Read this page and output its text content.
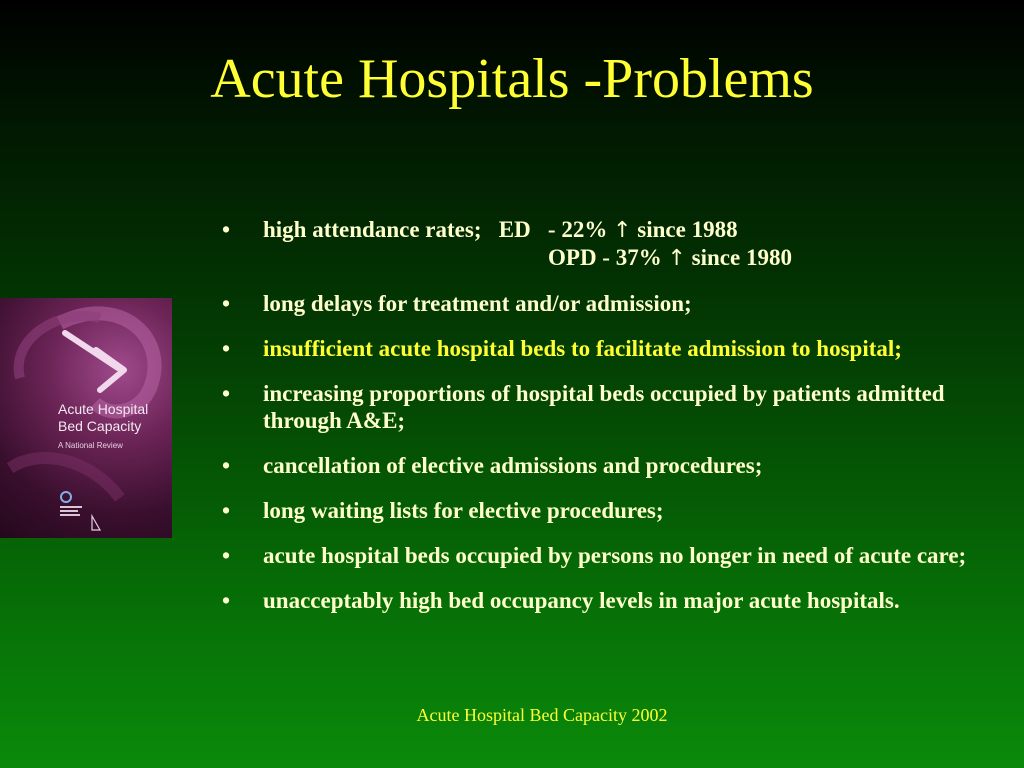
Acute Hospitals -Problems
Acute Hospital
Bed Capacity
A National Review
• high attendance rates;   ED   - 22% ↑ since 1988
OPD - 37% ↑ since 1980
• long delays for treatment and/or admission;
• insufficient acute hospital beds to facilitate admission to hospital;
• increasing proportions of hospital beds occupied by patients admitted through A&E;
• cancellation of elective admissions and procedures;
• long waiting lists for elective procedures;
• acute hospital beds occupied by persons no longer in need of acute care;
• unacceptably high bed occupancy levels in major acute hospitals.
Acute Hospital Bed Capacity 2002
